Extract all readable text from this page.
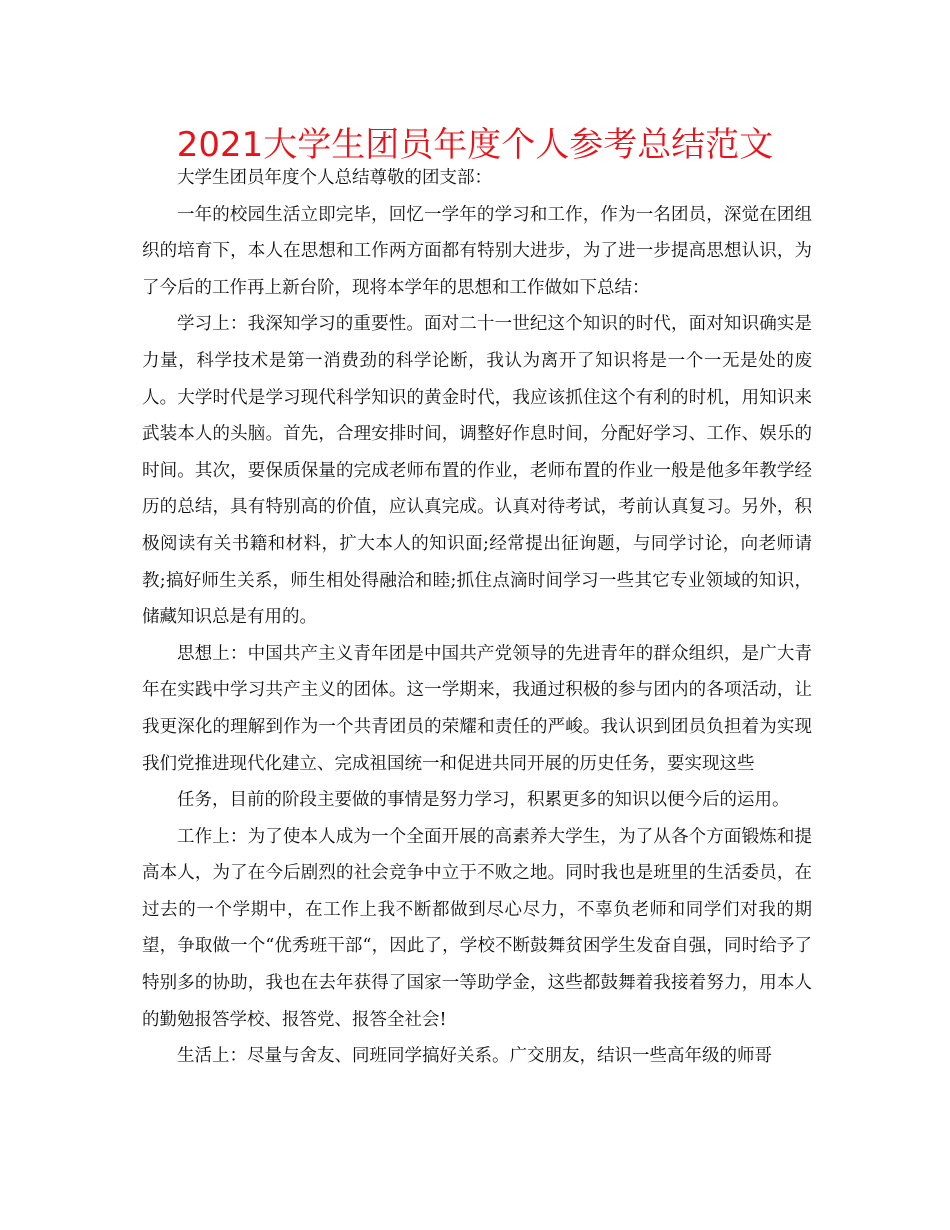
2021大学生团员年度个人参考总结范文

大学生团员年度个人总结尊敬的团支部：

一年的校园生活立即完毕，回忆一学年的学习和工作，作为一名团员，深觉在团组织的培育下，本人在思想和工作两方面都有特别大进步，为了进一步提高思想认识，为了今后的工作再上新台阶，现将本学年的思想和工作做如下总结：

学习上：我深知学习的重要性。面对二十一世纪这个知识的时代，面对知识确实是力量，科学技术是第一消费劲的科学论断，我认为离开了知识将是一个一无是处的废人。大学时代是学习现代科学知识的黄金时代，我应该抓住这个有利的时机，用知识来武装本人的头脑。首先，合理安排时间，调整好作息时间，分配好学习、工作、娱乐的时间。其次，要保质保量的完成老师布置的作业，老师布置的作业一般是他多年教学经历的总结，具有特别高的价值，应认真完成。认真对待考试，考前认真复习。另外，积极阅读有关书籍和材料，扩大本人的知识面;经常提出征询题，与同学讨论，向老师请教;搞好师生关系，师生相处得融洽和睦;抓住点滴时间学习一些其它专业领域的知识，储藏知识总是有用的。

思想上：中国共产主义青年团是中国共产党领导的先进青年的群众组织，是广大青年在实践中学习共产主义的团体。这一学期来，我通过积极的参与团内的各项活动，让我更深化的理解到作为一个共青团员的荣耀和责任的严峻。我认识到团员负担着为实现我们党推进现代化建立、完成祖国统一和促进共同开展的历史任务，要实现这些

任务，目前的阶段主要做的事情是努力学习，积累更多的知识以便今后的运用。

工作上：为了使本人成为一个全面开展的高素养大学生，为了从各个方面锻炼和提高本人，为了在今后剧烈的社会竞争中立于不败之地。同时我也是班里的生活委员，在过去的一个学期中，在工作上我不断都做到尽心尽力，不辜负老师和同学们对我的期望，争取做一个“优秀班干部“，因此了，学校不断鼓舞贫困学生发奋自强，同时给予了特别多的协助，我也在去年获得了国家一等助学金，这些都鼓舞着我接着努力，用本人的勤勉报答学校、报答党、报答全社会!

生活上：尽量与舍友、同班同学搞好关系。广交朋友，结识一些高年级的师哥
